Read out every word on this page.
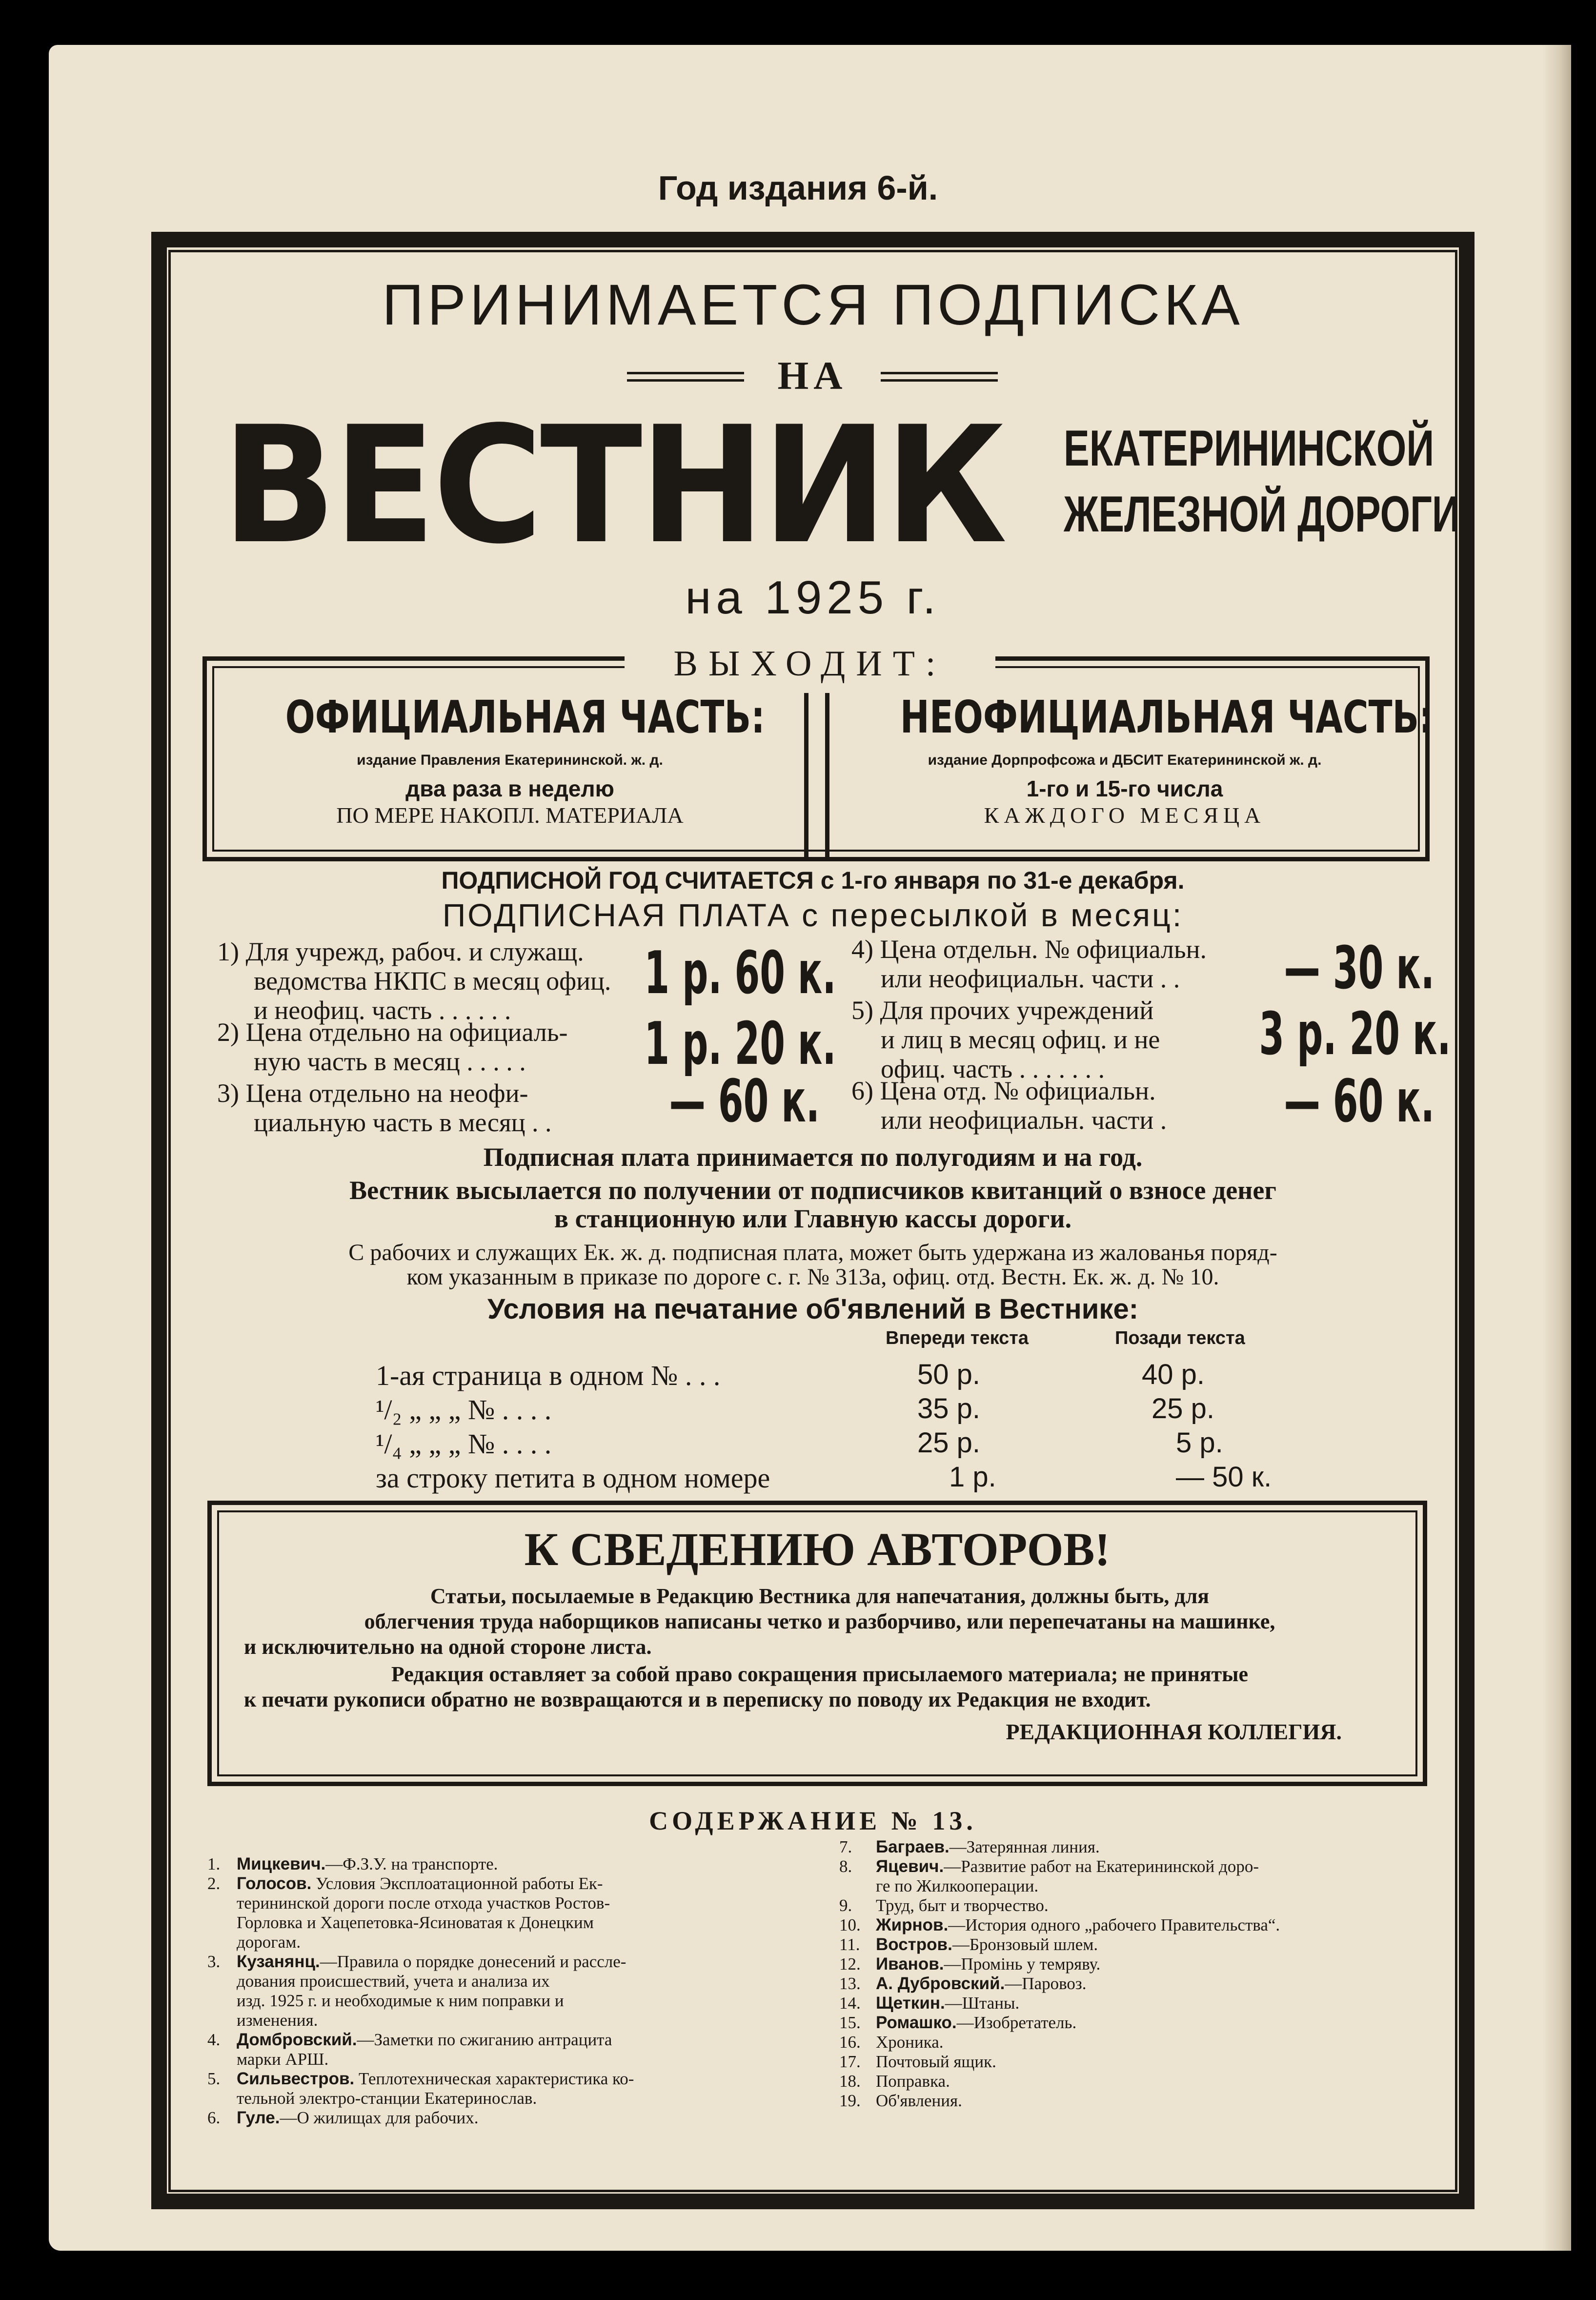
Год издания 6-й.
ПРИНИМАЕТСЯ ПОДПИСКА
НА
ВЕСТНИК ЕКАТЕРИНИНСКОЙ
ЖЕЛЕЗНОЙ ДОРОГИ
на 1925 г.
ВЫХОДИТ:
ОФИЦИАЛЬНАЯ ЧАСТЬ:
издание Правления Екатерининской. ж. д.
два раза в неделю
ПО МЕРЕ НАКОПЛ. МАТЕРИАЛА
НЕОФИЦИАЛЬНАЯ ЧАСТЬ:
издание Дорпрофсожа и ДБСИТ Екатерининской ж. д.
1-го и 15-го числа
КАЖДОГО МЕСЯЦА
ПОДПИСНОЙ ГОД СЧИТАЕТСЯ с 1-го января по 31-е декабря.
ПОДПИСНАЯ ПЛАТА с пересылкой в месяц:
1) Для учрежд, рабоч. и служащ.
ведомства НКПС в месяц офиц.
и неофиц. часть . . . . . .
1 р. 60 к.
2) Цена отдельно на официаль-
ную часть в месяц . . . . .	1 р. 20 к.
3) Цена отдельно на неофи-
циальную часть в месяц . .	— 60 к.
4) Цена отдельн. № официальн.
или неофициальн. части . .	— 30 к.
5) Для прочих учреждений
и лиц в месяц офиц. и не
офиц. часть . . . . . . .
3 р. 20 к.
6) Цена отд. № официальн.
или неофициальн. части .	— 60 к.
Подписная плата принимается по полугодиям и на год.
Вестник высылается по получении от подписчиков квитанций о взносе денег
в станционную или Главную кассы дороги.
С рабочих и служащих Ек. ж. д. подписная плата, может быть удержана из жалованья поряд-
ком указанным в приказе по дороге с. г. № 313а, офиц. отд. Вестн. Ек. ж. д. № 10.
Условия на печатание об'явлений в Вестнике:
Впереди текста	Позади текста
1-ая страница в одном № . . .	50 р.	40 р.
¹/₂ „ „ „ № . . . .	35 р.	25 р.
¹/₄ „ „ „ № . . . .	25 р.	5 р.
за строку петита в одном номере	1 р.	— 50 к.
К СВЕДЕНИЮ АВТОРОВ!
Статьи, посылаемые в Редакцию Вестника для напечатания, должны быть, для
облегчения труда наборщиков написаны четко и разборчиво, или перепечатаны на машинке,
и исключительно на одной стороне листа.
Редакция оставляет за собой право сокращения присылаемого материала; не принятые
к печати рукописи обратно не возвращаются и в переписку по поводу их Редакция не входит.
РЕДАКЦИОННАЯ КОЛЛЕГИЯ.
СОДЕРЖАНИЕ № 13.
1. Мицкевич.—Ф.З.У. на транспорте.
2. Голосов. Условия Эксплоатационной работы Ек-
терининской дороги после отхода участков Ростов-
Горловка и Хацепетовка-Ясиноватая к Донецким
дорогам.
3. Кузанянц.—Правила о порядке донесений и рассле-
дования происшествий, учета и анализа их
изд. 1925 г. и необходимые к ним поправки и
изменения.
4. Домбровский.—Заметки по сжиганию антрацита
марки АРШ.
5. Сильвестров. Теплотехническая характеристика ко-
тельной электро-станции Екатеринослав.
6. Гуле.—О жилищах для рабочих.
7. Баграев.—Затерянная линия.
8. Яцевич.—Развитие работ на Екатерининской доро-
ге по Жилкооперации.
9. Труд, быт и творчество.
10. Жирнов.—История одного „рабочего Правительства“.
11. Востров.—Бронзовый шлем.
12. Иванов.—Промінь у темряву.
13. А. Дубровский.—Паровоз.
14. Щеткин.—Штаны.
15. Ромашко.—Изобретатель.
16. Хроника.
17. Почтовый ящик.
18. Поправка.
19. Об'явления.
